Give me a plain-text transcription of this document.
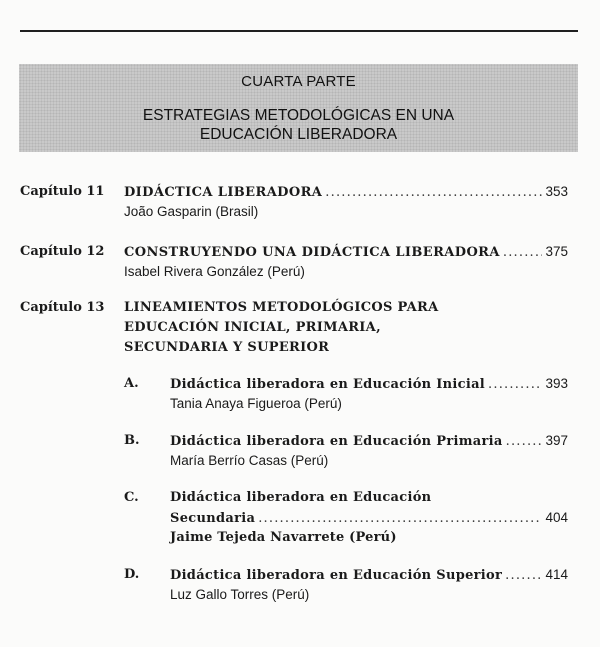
CUARTA PARTE
ESTRATEGIAS METODOLÓGICAS EN UNA
EDUCACIÓN LIBERADORA
Capítulo 11 DIDÁCTICA LIBERADORA .....	353
João Gasparin (Brasil)
Capítulo 12 CONSTRUYENDO UNA DIDÁCTICA LIBERADORA .....	375
Isabel Rivera González (Perú)
Capítulo 13 LINEAMIENTOS METODOLÓGICOS PARA
EDUCACIÓN INICIAL, PRIMARIA,
SECUNDARIA Y SUPERIOR
A. Didáctica liberadora en Educación Inicial .....	393
Tania Anaya Figueroa (Perú)
B. Didáctica liberadora en Educación Primaria .....	397
María Berrío Casas (Perú)
C. Didáctica liberadora en Educación
Secundaria .....	404
Jaime Tejeda Navarrete (Perú)
D. Didáctica liberadora en Educación Superior .....	414
Luz Gallo Torres (Perú)
